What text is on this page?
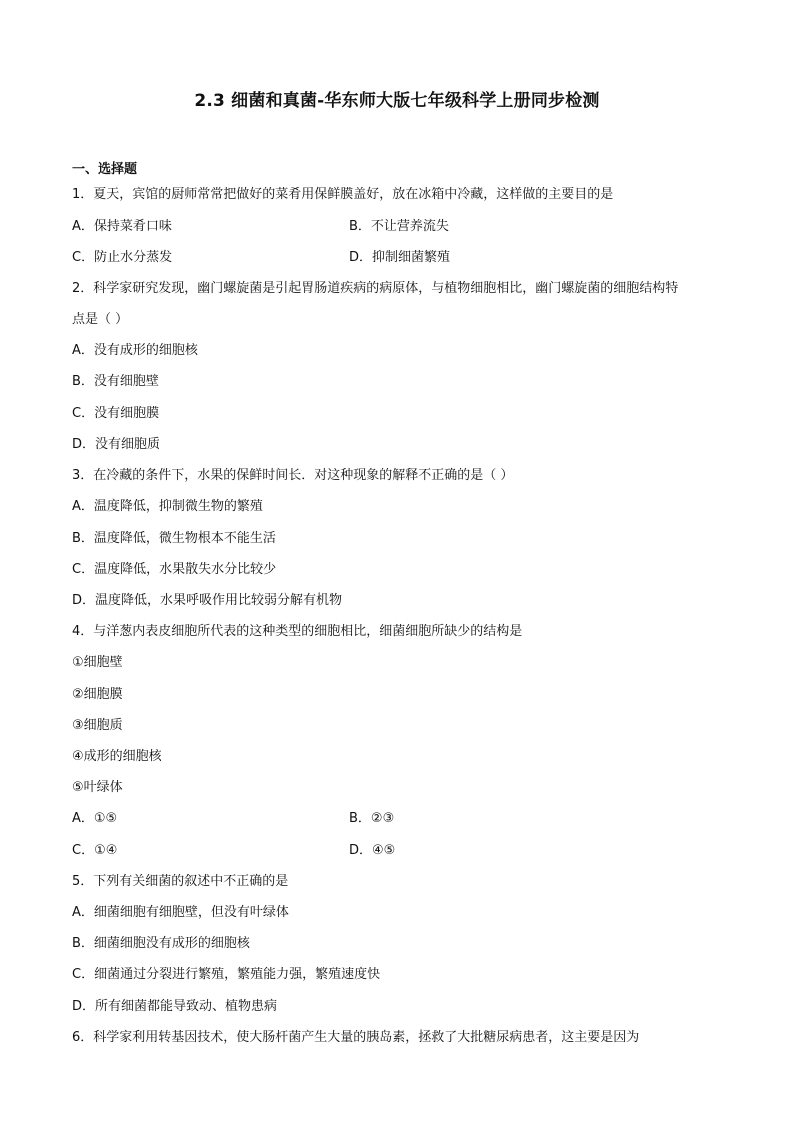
2.3 细菌和真菌-华东师大版七年级科学上册同步检测
一、选择题
1．夏天，宾馆的厨师常常把做好的菜肴用保鲜膜盖好，放在冰箱中冷藏，这样做的主要目的是
A．保持菜肴口味	B．不让营养流失
C．防止水分蒸发	D．抑制细菌繁殖
2．科学家研究发现，幽门螺旋菌是引起胃肠道疾病的病原体，与植物细胞相比，幽门螺旋菌的细胞结构特
点是（ ）
A．没有成形的细胞核
B．没有细胞壁
C．没有细胞膜
D．没有细胞质
3．在冷藏的条件下，水果的保鲜时间长．对这种现象的解释不正确的是（ ）
A．温度降低，抑制微生物的繁殖
B．温度降低，微生物根本不能生活
C．温度降低，水果散失水分比较少
D．温度降低，水果呼吸作用比较弱分解有机物
4．与洋葱内表皮细胞所代表的这种类型的细胞相比，细菌细胞所缺少的结构是
①细胞壁
②细胞膜
③细胞质
④成形的细胞核
⑤叶绿体
A．①⑤	B．②③
C．①④	D．④⑤
5．下列有关细菌的叙述中不正确的是
A．细菌细胞有细胞壁，但没有叶绿体
B．细菌细胞没有成形的细胞核
C．细菌通过分裂进行繁殖，繁殖能力强，繁殖速度快
D．所有细菌都能导致动、植物患病
6．科学家利用转基因技术，使大肠杆菌产生大量的胰岛素，拯救了大批糖尿病患者，这主要是因为
